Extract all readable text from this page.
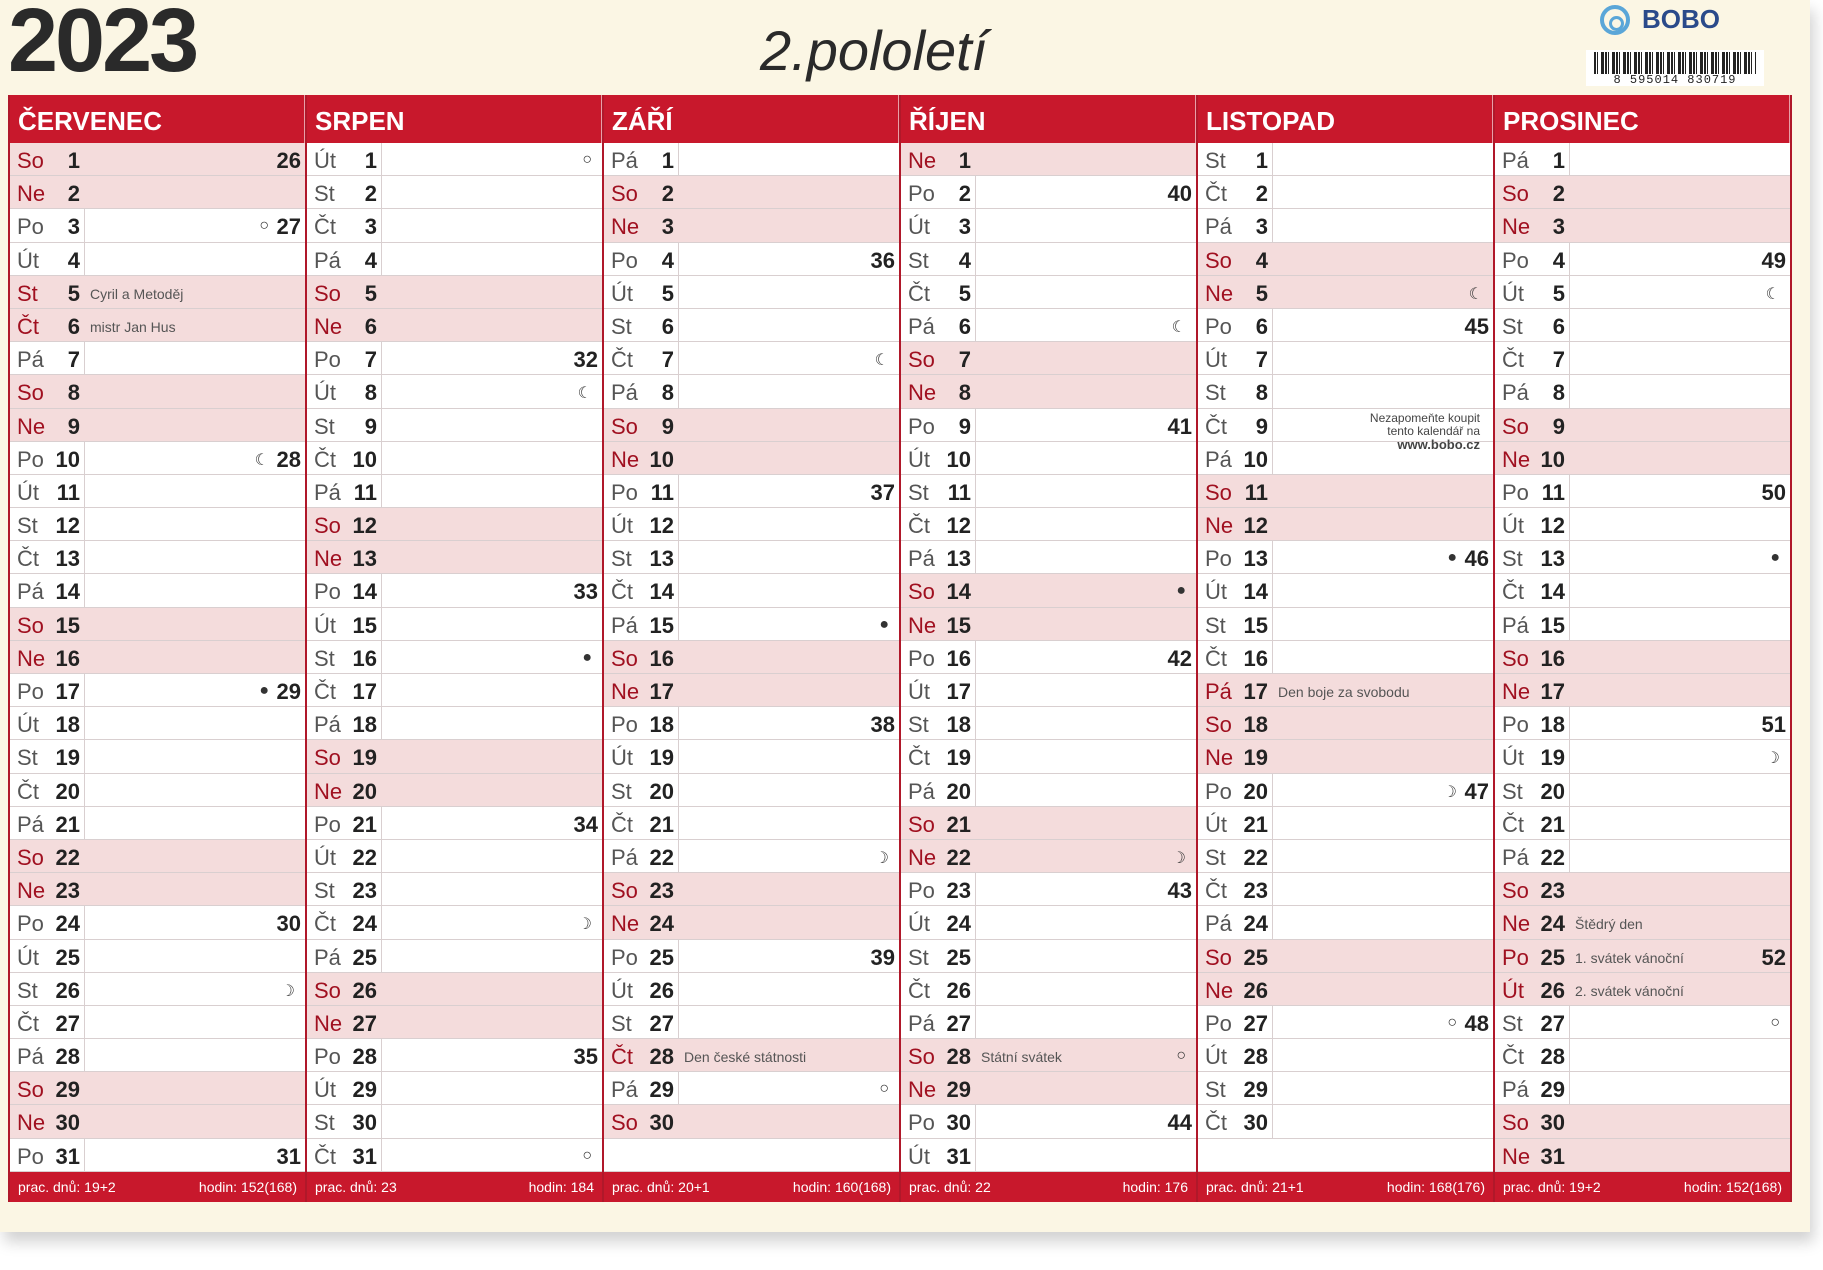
2023	2.pololetí	BOBO
8 595014 830719
ČERVENEC
So	1	26
Ne	2
Po	3	○ 27
Út	4
St	5 Cyril a Metoděj
Čt	6 mistr Jan Hus
Pá	7
So	8
Ne	9
Po 10	☾ 28
Út 11
St 12
Čt 13
Pá 14
So 15
Ne 16
Po 17	● 29
Út 18
St 19
Čt 20
Pá 21
So 22
Ne 23
Po 24	30
Út 25
St 26	☽
Čt 27
Pá 28
So 29
Ne 30
Po 31	31
prac. dnů: 19+2	hodin: 152(168)
SRPEN
Út	1	○
St	2
Čt	3
Pá	4
So	5
Ne	6
Po	7	32
Út	8	☾
St	9
Čt 10
Pá 11
So 12
Ne 13
Po 14	33
Út 15
St 16	●
Čt 17
Pá 18
So 19
Ne 20
Po 21	34
Út 22
St 23
Čt 24	☽
Pá 25
So 26
Ne 27
Po 28	35
Út 29
St 30
Čt 31	○
prac. dnů: 23	hodin: 184
ZÁŘÍ
Pá	1
So	2
Ne	3
Po	4	36
Út	5
St	6
Čt	7	☾
Pá	8
So	9
Ne 10
Po 11	37
Út 12
St 13
Čt 14
Pá 15	●
So 16
Ne 17
Po 18	38
Út 19
St 20
Čt 21
Pá 22	☽
So 23
Ne 24
Po 25	39
Út 26
St 27
Čt 28 Den české státnosti
Pá 29	○
So 30
prac. dnů: 20+1	hodin: 160(168)
ŘÍJEN
Ne	1
Po	2	40
Út	3
St	4
Čt	5
Pá	6	☾
So	7
Ne	8
Po	9	41
Út 10
St 11
Čt 12
Pá 13
So 14	●
Ne 15
Po 16	42
Út 17
St 18
Čt 19
Pá 20
So 21
Ne 22	☽
Po 23	43
Út 24
St 25
Čt 26
Pá 27
So 28 Státní svátek	○
Ne 29
Po 30	44
Út 31
prac. dnů: 22	hodin: 176
LISTOPAD
St	1
Čt	2
Pá	3
So	4
Ne	5	☾
Po	6	45
Út	7
St	8
Čt	9
Pá 10
So 11
Ne 12
Po 13	● 46
Út 14
St 15
Čt 16
Pá 17 Den boje za svobodu
So 18
Ne 19
Po 20	☽ 47
Út 21
St 22
Čt 23
Pá 24
So 25
Ne 26
Po 27	○ 48
Út 28
St 29
Čt 30
prac. dnů: 21+1	hodin: 168(176)
PROSINEC
Pá	1
So	2
Ne	3
Po	4	49
Út	5	☾
St	6
Čt	7
Pá	8
So	9
Ne 10
Po 11	50
Út 12
St 13	●
Čt 14
Pá 15
So 16
Ne 17
Po 18	51
Út 19	☽
St 20
Čt 21
Pá 22
So 23
Ne 24 Štědrý den
Po 25 1. svátek vánoční	52
Út 26 2. svátek vánoční
St 27	○
Čt 28
Pá 29
So 30
Ne 31
prac. dnů: 19+2	hodin: 152(168)
Nezapomeňte koupit
tento kalendář na
www.bobo.cz
